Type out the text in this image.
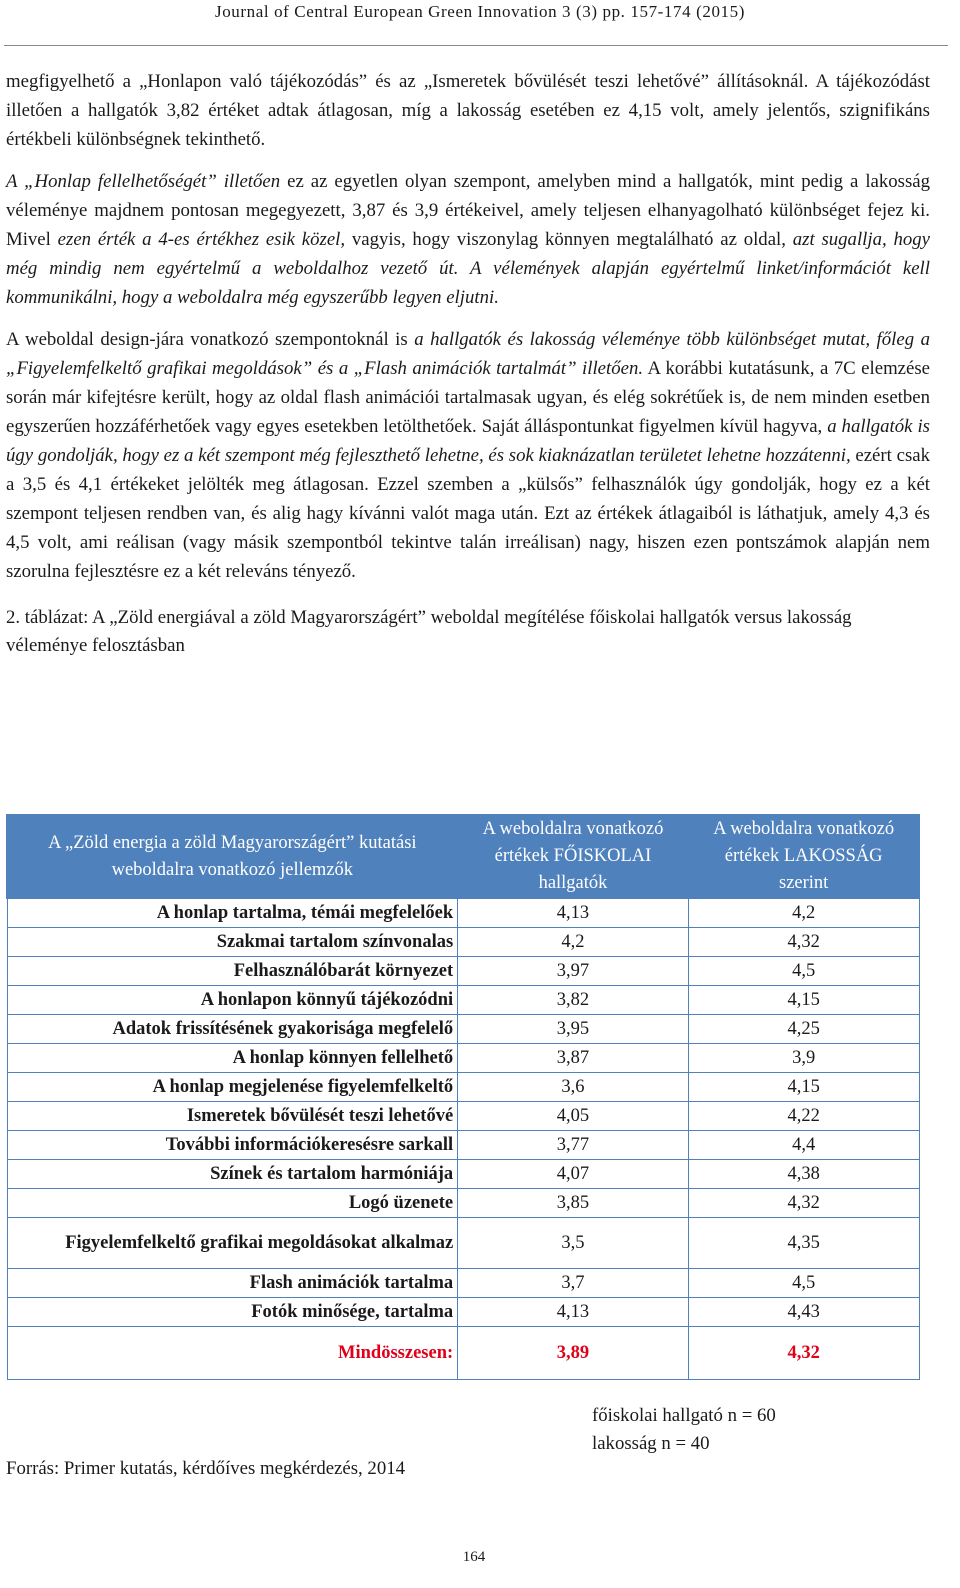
Journal of Central European Green Innovation 3 (3) pp. 157-174 (2015)

megfigyelhető a „Honlapon való tájékozódás” és az „Ismeretek bővülését teszi lehetővé” állításoknál. A tájékozódást illetően a hallgatók 3,82 értéket adtak átlagosan, míg a lakosság esetében ez 4,15 volt, amely jelentős, szignifikáns értékbeli különbségnek tekinthető.

A „Honlap fellelhetőségét” illetően ez az egyetlen olyan szempont, amelyben mind a hallgatók, mint pedig a lakosság véleménye majdnem pontosan megegyezett, 3,87 és 3,9 értékeivel, amely teljesen elhanyagolható különbséget fejez ki. Mivel ezen érték a 4-es értékhez esik közel, vagyis, hogy viszonylag könnyen megtalálható az oldal, azt sugallja, hogy még mindig nem egyértelmű a weboldalhoz vezető út. A vélemények alapján egyértelmű linket/információt kell kommunikálni, hogy a weboldalra még egyszerűbb legyen eljutni.

A weboldal design-jára vonatkozó szempontoknál is a hallgatók és lakosság véleménye több különbséget mutat, főleg a „Figyelemfelkeltő grafikai megoldások” és a „Flash animációk tartalmát” illetően. A korábbi kutatásunk, a 7C elemzése során már kifejtésre került, hogy az oldal flash animációi tartalmasak ugyan, és elég sokrétűek is, de nem minden esetben egyszerűen hozzáférhetőek vagy egyes esetekben letölthetőek. Saját álláspontunkat figyelmen kívül hagyva, a hallgatók is úgy gondolják, hogy ez a két szempont még fejleszthető lehetne, és sok kiaknázatlan területet lehetne hozzátenni, ezért csak a 3,5 és 4,1 értékeket jelölték meg átlagosan. Ezzel szemben a „külsős” felhasználók úgy gondolják, hogy ez a két szempont teljesen rendben van, és alig hagy kívánni valót maga után. Ezt az értékek átlagaiból is láthatjuk, amely 4,3 és 4,5 volt, ami reálisan (vagy másik szempontból tekintve talán irreálisan) nagy, hiszen ezen pontszámok alapján nem szorulna fejlesztésre ez a két releváns tényező.

2. táblázat: A „Zöld energiával a zöld Magyarországért” weboldal megítélése főiskolai hallgatók versus lakosság véleménye felosztásban

A „Zöld energia a zöld Magyarországért” kutatási weboldalra vonatkozó jellemzők	A weboldalra vonatkozó értékek FŐISKOLAI hallgatók	A weboldalra vonatkozó értékek LAKOSSÁG szerint

A honlap tartalma, témái megfelelőek	4,13	4,2
Szakmai tartalom színvonalas	4,2	4,32
Felhasználóbarát környezet	3,97	4,5
A honlapon könnyű tájékozódni	3,82	4,15
Adatok frissítésének gyakorisága megfelelő	3,95	4,25
A honlap könnyen fellelhető	3,87	3,9
A honlap megjelenése figyelemfelkeltő	3,6	4,15
Ismeretek bővülését teszi lehetővé	4,05	4,22
További információkeresésre sarkall	3,77	4,4
Színek és tartalom harmóniája	4,07	4,38
Logó üzenete	3,85	4,32

Figyelemfelkeltő grafikai megoldásokat alkalmaz	3,5	4,35
Flash animációk tartalma	3,7	4,5
Fotók minősége, tartalma	4,13	4,43
Mindösszesen:	3,89	4,32
főiskolai hallgató n = 60
lakosság n = 40
Forrás: Primer kutatás, kérdőíves megkérdezés, 2014
164
